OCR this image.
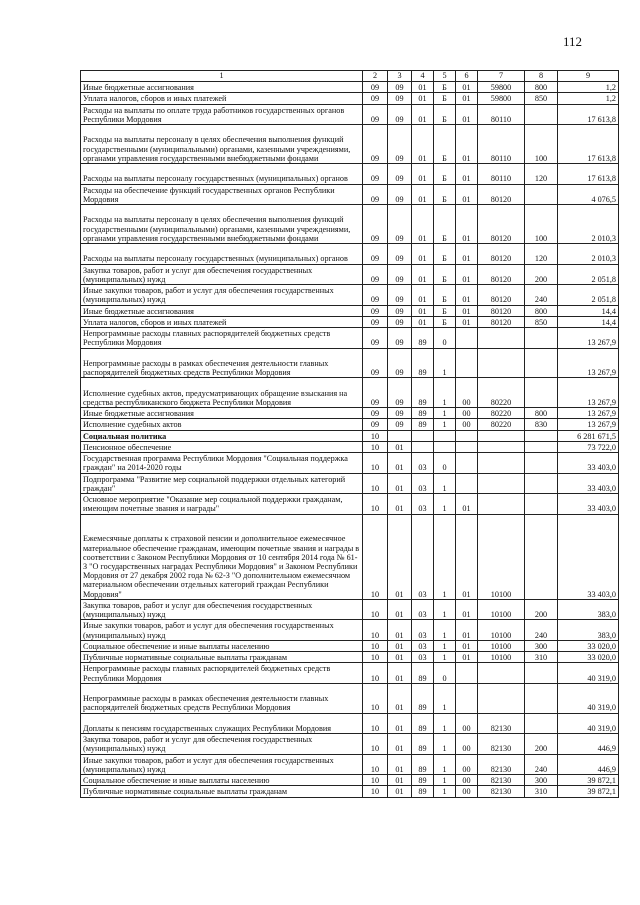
112
1	2	3	4	5	6	7	8	9
Иные бюджетные ассигнования	09	09	01	Б	01	59800	800	1,2
Уплата налогов, сборов и иных платежей	09	09	01	Б	01	59800	850	1,2
Расходы на выплаты по оплате труда работников государственных органов Республики Мордовия	09	09	01	Б	01	80110		17 613,8
Расходы на выплаты персоналу в целях обеспечения выполнения функций государственными (муниципальными) органами, казенными учреждениями, органами управления государственными внебюджетными фондами	09	09	01	Б	01	80110	100	17 613,8
Расходы на выплаты персоналу государственных (муниципальных) органов	09	09	01	Б	01	80110	120	17 613,8
Расходы на обеспечение функций государственных органов Республики Мордовия	09	09	01	Б	01	80120		4 076,5
Расходы на выплаты персоналу в целях обеспечения выполнения функций государственными (муниципальными) органами, казенными учреждениями, органами управления государственными внебюджетными фондами	09	09	01	Б	01	80120	100	2 010,3
Расходы на выплаты персоналу государственных (муниципальных) органов	09	09	01	Б	01	80120	120	2 010,3
Закупка товаров, работ и услуг для обеспечения государственных (муниципальных) нужд	09	09	01	Б	01	80120	200	2 051,8
Иные закупки товаров, работ и услуг для обеспечения государственных (муниципальных) нужд	09	09	01	Б	01	80120	240	2 051,8
Иные бюджетные ассигнования	09	09	01	Б	01	80120	800	14,4
Уплата налогов, сборов и иных платежей	09	09	01	Б	01	80120	850	14,4
Непрограммные расходы главных распорядителей бюджетных средств Республики Мордовия	09	09	89	0				13 267,9
Непрограммные расходы в рамках обеспечения деятельности главных распорядителей бюджетных средств Республики Мордовия	09	09	89	1				13 267,9
Исполнение судебных актов, предусматривающих обращение взыскания на средства республиканского бюджета Республики Мордовия	09	09	89	1	00	80220		13 267,9
Иные бюджетные ассигнования	09	09	89	1	00	80220	800	13 267,9
Исполнение судебных актов	09	09	89	1	00	80220	830	13 267,9
Социальная политика	10							6 281 671,5
Пенсионное обеспечение	10	01						73 722,0
Государственная программа Республики Мордовия "Социальная поддержка граждан" на 2014-2020 годы	10	01	03	0				33 403,0
Подпрограмма "Развитие мер социальной поддержки отдельных категорий граждан"	10	01	03	1				33 403,0
Основное мероприятие "Оказание мер социальной поддержки гражданам, имеющим почетные звания и награды"	10	01	03	1	01			33 403,0
Ежемесячные доплаты к страховой пенсии и дополнительное ежемесячное материальное обеспечение гражданам, имеющим почетные звания и награды в соответствии с Законом Республики Мордовия от 10 сентября 2014 года № 61-З "О государственных наградах Республики Мордовия" и Законом Республики Мордовия от 27 декабря 2002 года № 62-З "О дополнительном ежемесячном материальном обеспечении отдельных категорий граждан Республики Мордовия"	10	01	03	1	01	10100		33 403,0
Закупка товаров, работ и услуг для обеспечения государственных (муниципальных) нужд	10	01	03	1	01	10100	200	383,0
Иные закупки товаров, работ и услуг для обеспечения государственных (муниципальных) нужд	10	01	03	1	01	10100	240	383,0
Социальное обеспечение и иные выплаты населению	10	01	03	1	01	10100	300	33 020,0
Публичные нормативные социальные выплаты гражданам	10	01	03	1	01	10100	310	33 020,0
Непрограммные расходы главных распорядителей бюджетных средств Республики Мордовия	10	01	89	0				40 319,0
Непрограммные расходы в рамках обеспечения деятельности главных распорядителей бюджетных средств Республики Мордовия	10	01	89	1				40 319,0
Доплаты к пенсиям государственных служащих Республики Мордовия	10	01	89	1	00	82130		40 319,0
Закупка товаров, работ и услуг для обеспечения государственных (муниципальных) нужд	10	01	89	1	00	82130	200	446,9
Иные закупки товаров, работ и услуг для обеспечения государственных (муниципальных) нужд	10	01	89	1	00	82130	240	446,9
Социальное обеспечение и иные выплаты населению	10	01	89	1	00	82130	300	39 872,1
Публичные нормативные социальные выплаты гражданам	10	01	89	1	00	82130	310	39 872,1
